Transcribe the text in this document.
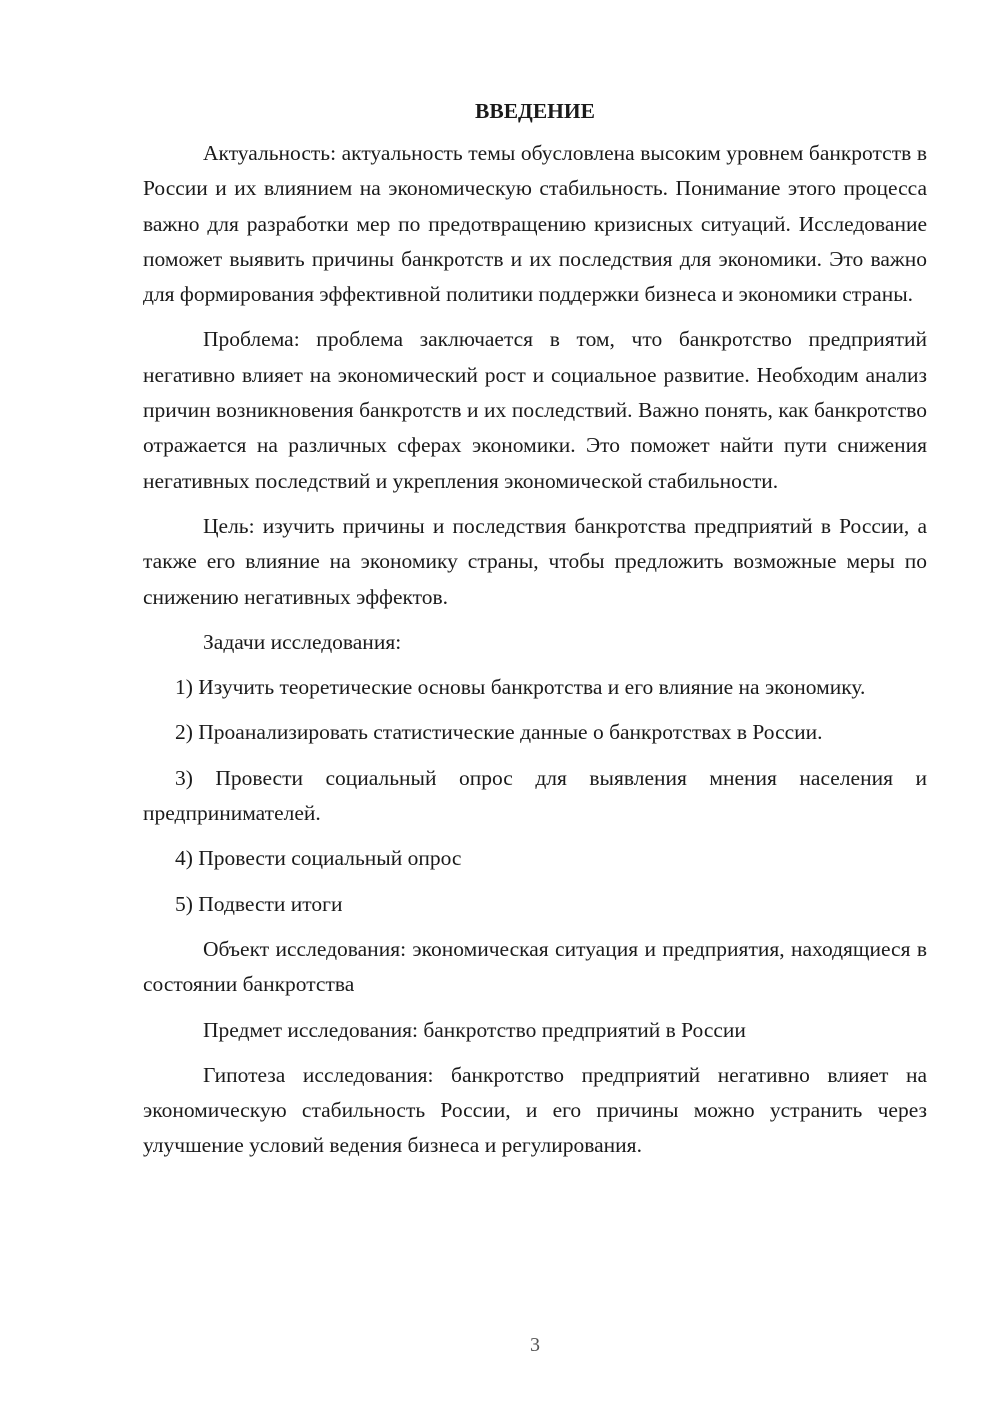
ВВЕДЕНИЕ

Актуальность: актуальность темы обусловлена высоким уровнем банкротств в России и их влиянием на экономическую стабильность. Понимание этого процесса важно для разработки мер по предотвращению кризисных ситуаций. Исследование поможет выявить причины банкротств и их последствия для экономики. Это важно для формирования эффективной политики поддержки бизнеса и экономики страны.

Проблема: проблема заключается в том, что банкротство предприятий негативно влияет на экономический рост и социальное развитие. Необходим анализ причин возникновения банкротств и их последствий. Важно понять, как банкротство отражается на различных сферах экономики. Это поможет найти пути снижения негативных последствий и укрепления экономической стабильности.

Цель: изучить причины и последствия банкротства предприятий в России, а также его влияние на экономику страны, чтобы предложить возможные меры по снижению негативных эффектов.

Задачи исследования:

1) Изучить теоретические основы банкротства и его влияние на экономику.

2) Проанализировать статистические данные о банкротствах в России.

3) Провести социальный опрос для выявления мнения населения и предпринимателей.

4) Провести социальный опрос

5) Подвести итоги

Объект исследования: экономическая ситуация и предприятия, находящиеся в состоянии банкротства

Предмет исследования: банкротство предприятий в России

Гипотеза исследования: банкротство предприятий негативно влияет на экономическую стабильность России, и его причины можно устранить через улучшение условий ведения бизнеса и регулирования.

3
